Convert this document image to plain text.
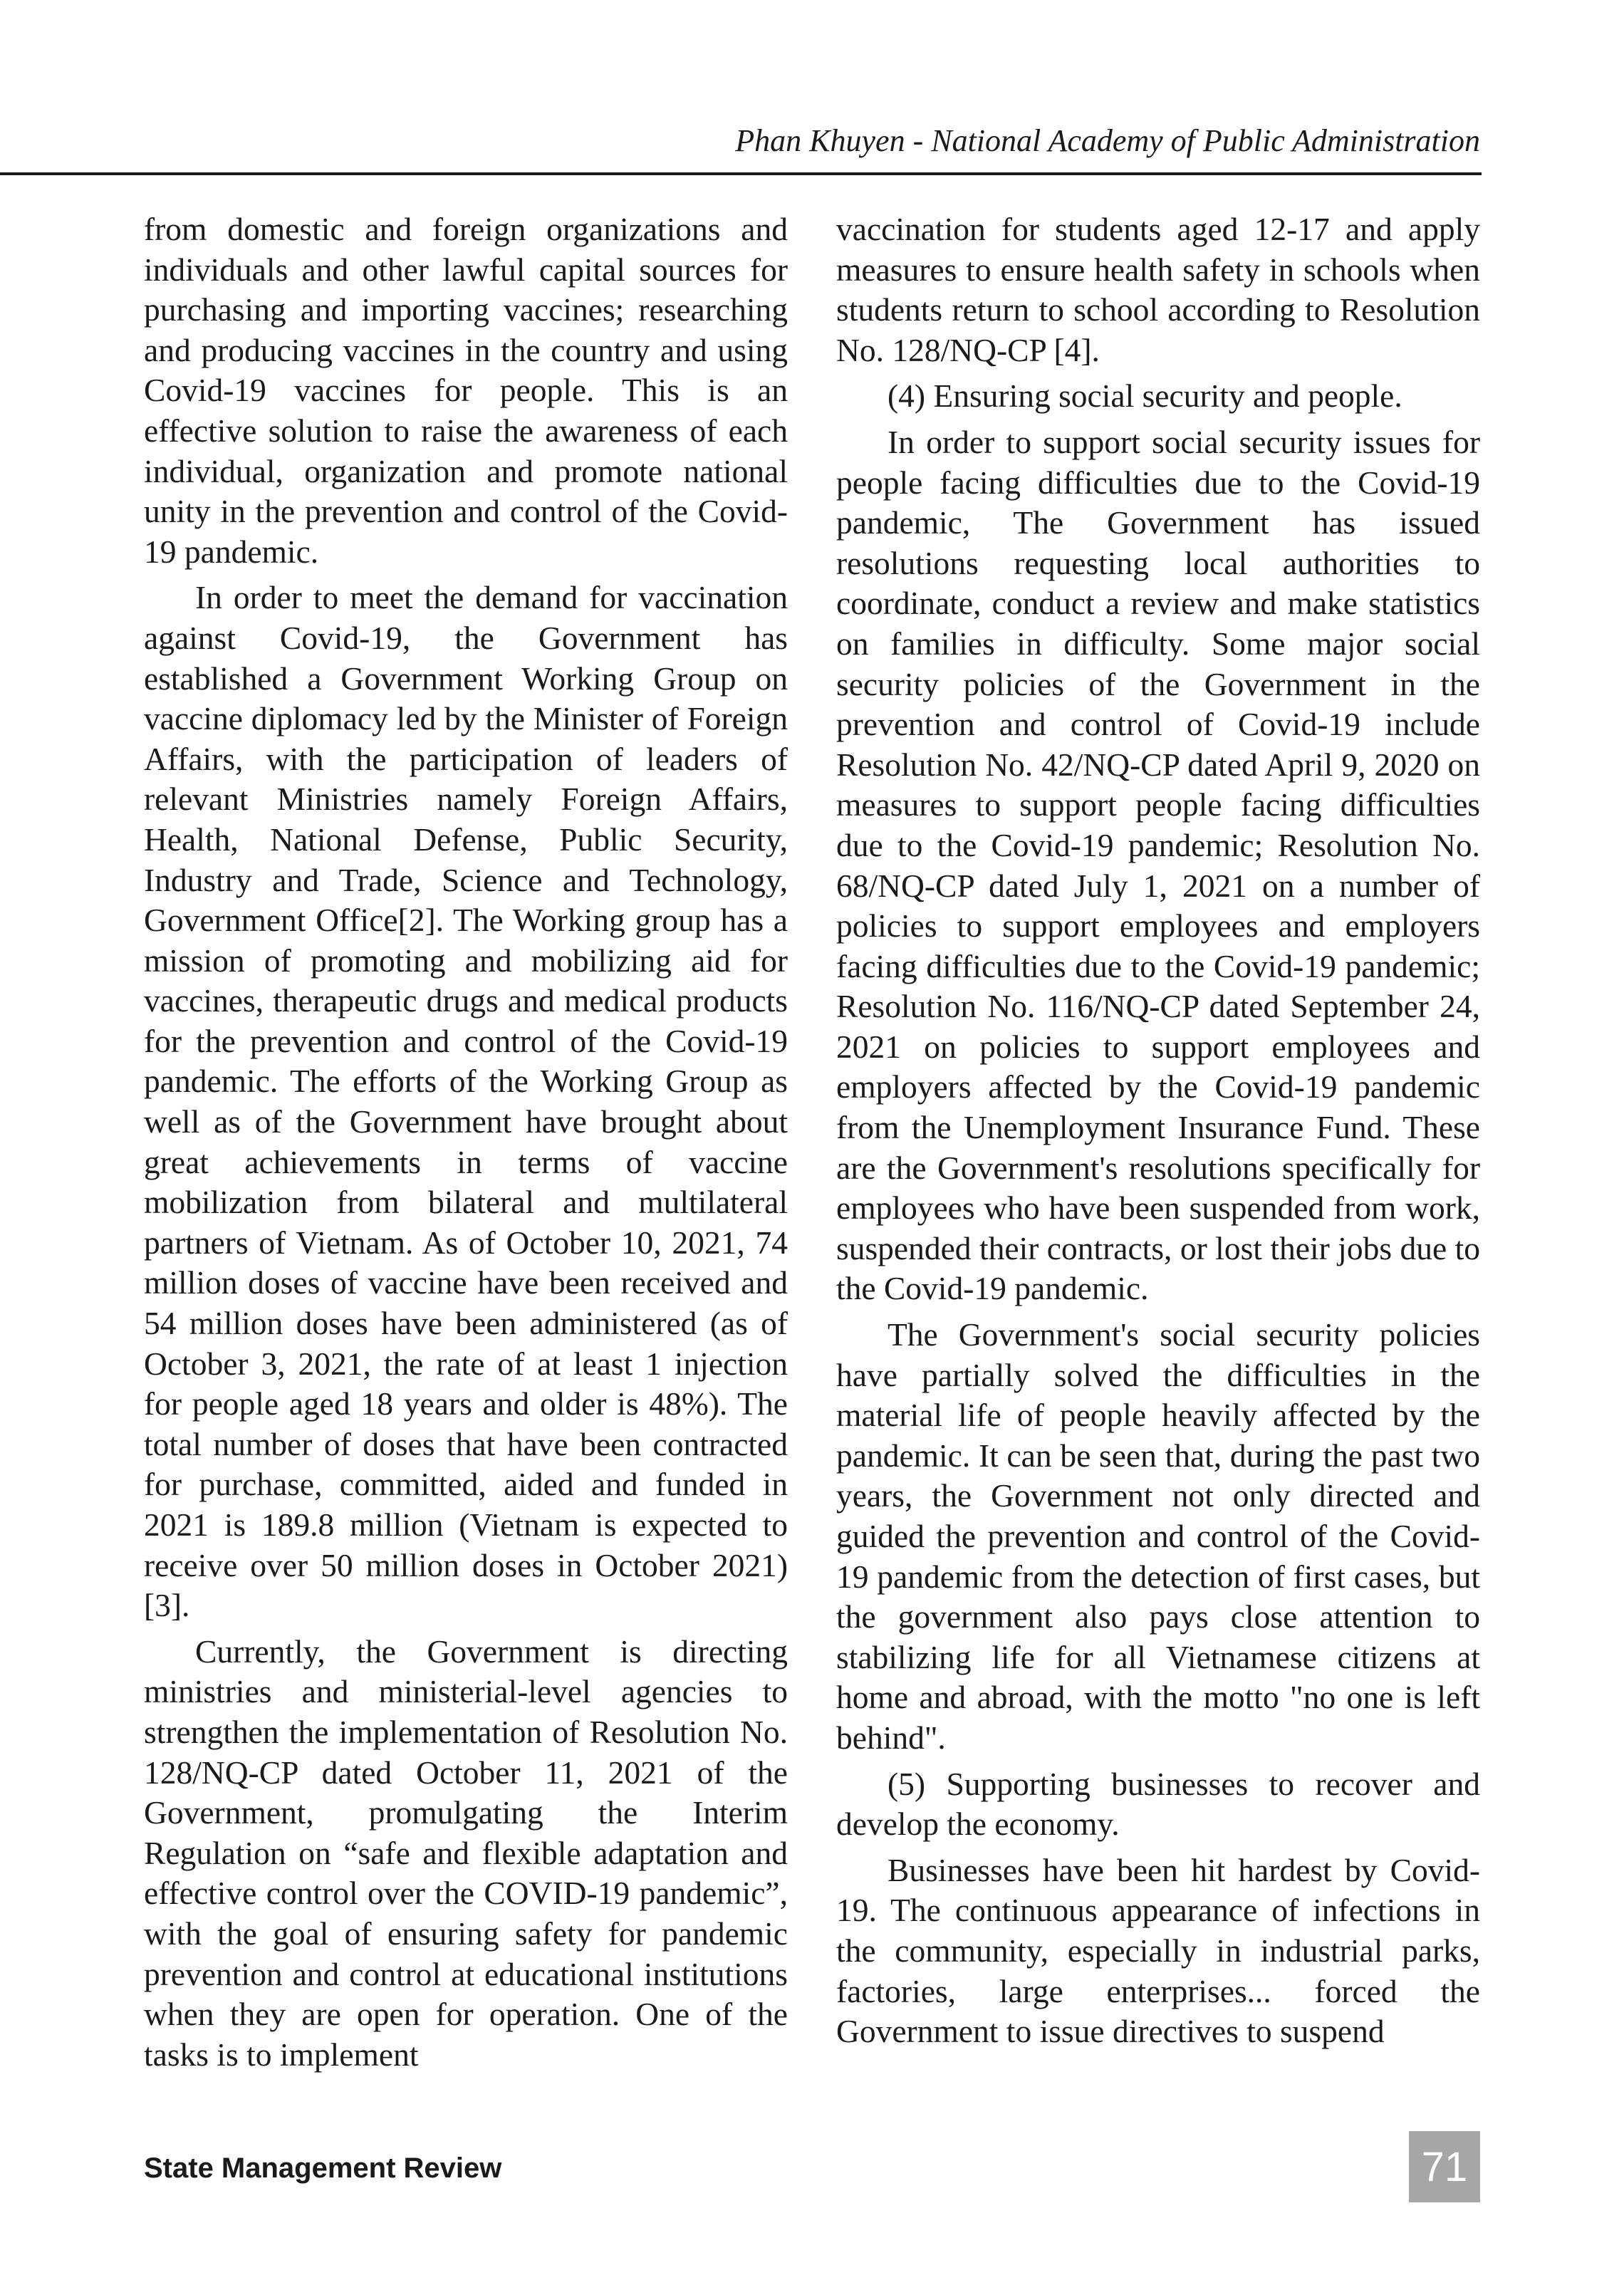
Phan Khuyen - National Academy of Public Administration

from domestic and foreign organizations and individuals and other lawful capital sources for purchasing and importing vaccines; researching and producing vaccines in the country and using Covid-19 vaccines for people. This is an effective solution to raise the awareness of each individual, organization and promote national unity in the prevention and control of the Covid-19 pandemic.

In order to meet the demand for vaccination against Covid-19, the Government has established a Government Working Group on vaccine diplomacy led by the Minister of Foreign Affairs, with the participation of leaders of relevant Ministries namely Foreign Affairs, Health, National Defense, Public Security, Industry and Trade, Science and Technology, Government Office[2]. The Working group has a mission of promoting and mobilizing aid for vaccines, therapeutic drugs and medical products for the prevention and control of the Covid-19 pandemic. The efforts of the Working Group as well as of the Government have brought about great achievements in terms of vaccine mobilization from bilateral and multilateral partners of Vietnam. As of October 10, 2021, 74 million doses of vaccine have been received and 54 million doses have been administered (as of October 3, 2021, the rate of at least 1 injection for people aged 18 years and older is 48%). The total number of doses that have been contracted for purchase, committed, aided and funded in 2021 is 189.8 million (Vietnam is expected to receive over 50 million doses in October 2021)[3].

Currently, the Government is directing ministries and ministerial-level agencies to strengthen the implementation of Resolution No. 128/NQ-CP dated October 11, 2021 of the Government, promulgating the Interim Regulation on “safe and flexible adaptation and effective control over the COVID-19 pandemic”, with the goal of ensuring safety for pandemic prevention and control at educational institutions when they are open for operation. One of the tasks is to implement

vaccination for students aged 12-17 and apply measures to ensure health safety in schools when students return to school according to Resolution No. 128/NQ-CP [4].

(4) Ensuring social security and people.

In order to support social security issues for people facing difficulties due to the Covid-19 pandemic, The Government has issued resolutions requesting local authorities to coordinate, conduct a review and make statistics on families in difficulty. Some major social security policies of the Government in the prevention and control of Covid-19 include Resolution No. 42/NQ-CP dated April 9, 2020 on measures to support people facing difficulties due to the Covid-19 pandemic; Resolution No. 68/NQ-CP dated July 1, 2021 on a number of policies to support employees and employers facing difficulties due to the Covid-19 pandemic; Resolution No. 116/NQ-CP dated September 24, 2021 on policies to support employees and employers affected by the Covid-19 pandemic from the Unemployment Insurance Fund. These are the Government's resolutions specifically for employees who have been suspended from work, suspended their contracts, or lost their jobs due to the Covid-19 pandemic.

The Government's social security policies have partially solved the difficulties in the material life of people heavily affected by the pandemic. It can be seen that, during the past two years, the Government not only directed and guided the prevention and control of the Covid-19 pandemic from the detection of first cases, but the government also pays close attention to stabilizing life for all Vietnamese citizens at home and abroad, with the motto "no one is left behind".

(5) Supporting businesses to recover and develop the economy.

Businesses have been hit hardest by Covid-19. The continuous appearance of infections in the community, especially in industrial parks, factories, large enterprises... forced the Government to issue directives to suspend

State Management Review	71
